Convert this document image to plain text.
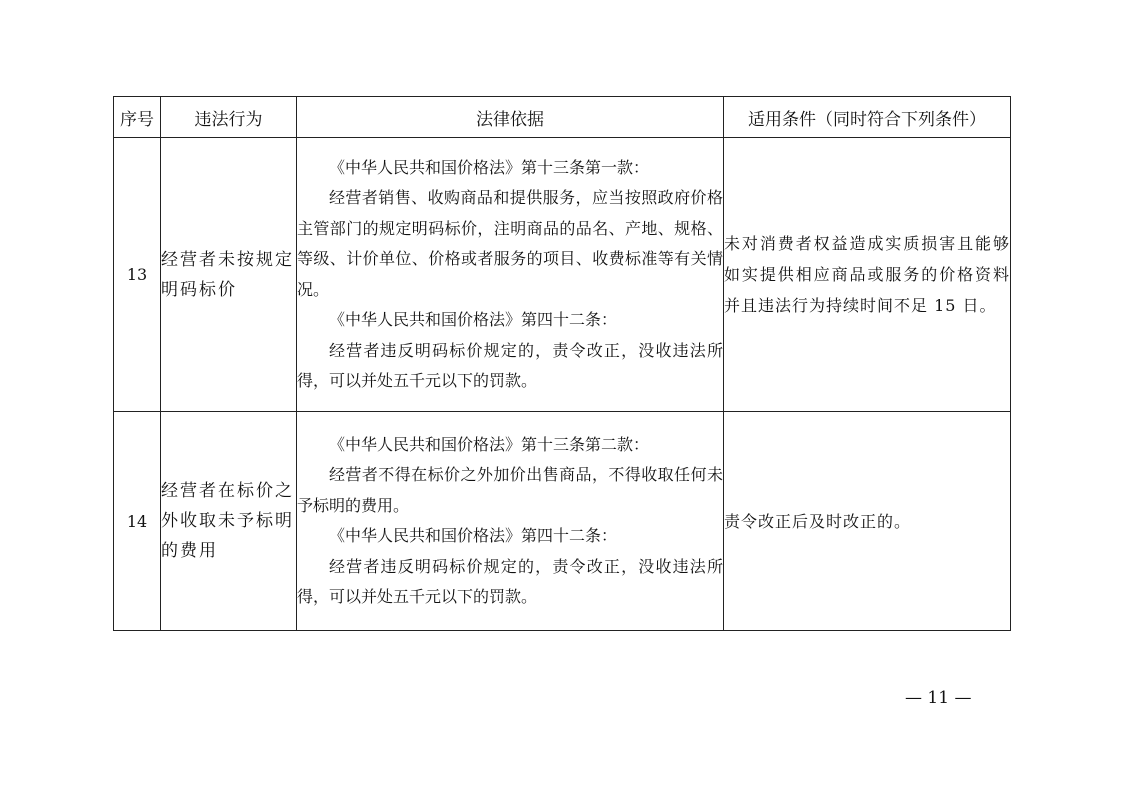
序号	违法行为	法律依据	适用条件（同时符合下列条件）
13	经营者未按规定明码标价	《中华人民共和国价格法》第十三条第一款：

经营者销售、收购商品和提供服务，应当按照政府价格主管部门的规定明码标价，注明商品的品名、产地、规格、等级、计价单位、价格或者服务的项目、收费标准等有关情况。

《中华人民共和国价格法》第四十二条：

经营者违反明码标价规定的，责令改正，没收违法所得，可以并处五千元以下的罚款。	未对消费者权益造成实质损害且能够如实提供相应商品或服务的价格资料并且违法行为持续时间不足 15 日。

14	经营者在标价之外收取未予标明的费用	《中华人民共和国价格法》第十三条第二款：

经营者不得在标价之外加价出售商品，不得收取任何未予标明的费用。

《中华人民共和国价格法》第四十二条：

经营者违反明码标价规定的，责令改正，没收违法所得，可以并处五千元以下的罚款。	责令改正后及时改正的。

— 11 —
